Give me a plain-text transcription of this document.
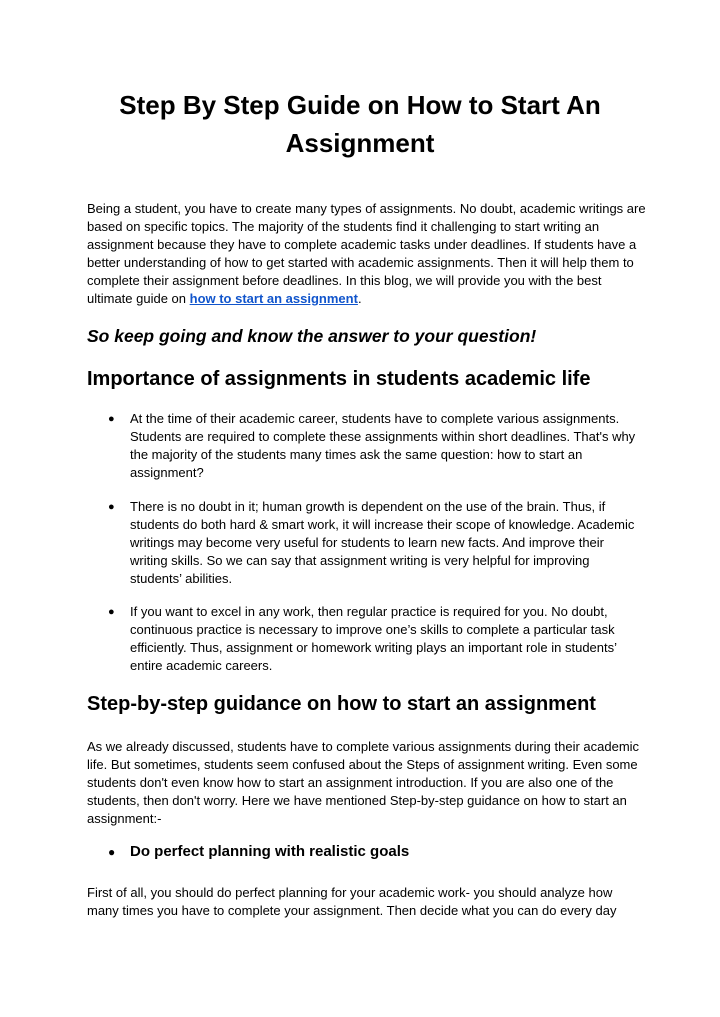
Step By Step Guide on How to Start An Assignment

Being a student, you have to create many types of assignments. No doubt, academic writings are based on specific topics. The majority of the students find it challenging to start writing an assignment because they have to complete academic tasks under deadlines. If students have a better understanding of how to get started with academic assignments. Then it will help them to complete their assignment before deadlines. In this blog, we will provide you with the best ultimate guide on how to start an assignment.

So keep going and know the answer to your question!

Importance of assignments in students academic life
●	At the time of their academic career, students have to complete various assignments. Students are required to complete these assignments within short deadlines. That's why the majority of the students many times ask the same question: how to start an assignment?

●	There is no doubt in it; human growth is dependent on the use of the brain. Thus, if students do both hard & smart work, it will increase their scope of knowledge. Academic writings may become very useful for students to learn new facts. And improve their writing skills. So we can say that assignment writing is very helpful for improving students’ abilities.

●	If you want to excel in any work, then regular practice is required for you. No doubt, continuous practice is necessary to improve one’s skills to complete a particular task efficiently. Thus, assignment or homework writing plays an important role in students’ entire academic careers.

Step-by-step guidance on how to start an assignment

As we already discussed, students have to complete various assignments during their academic life. But sometimes, students seem confused about the Steps of assignment writing. Even some students don't even know how to start an assignment introduction. If you are also one of the students, then don't worry. Here we have mentioned Step-by-step guidance on how to start an assignment:-

● Do perfect planning with realistic goals

First of all, you should do perfect planning for your academic work- you should analyze how many times you have to complete your assignment. Then decide what you can do every day
